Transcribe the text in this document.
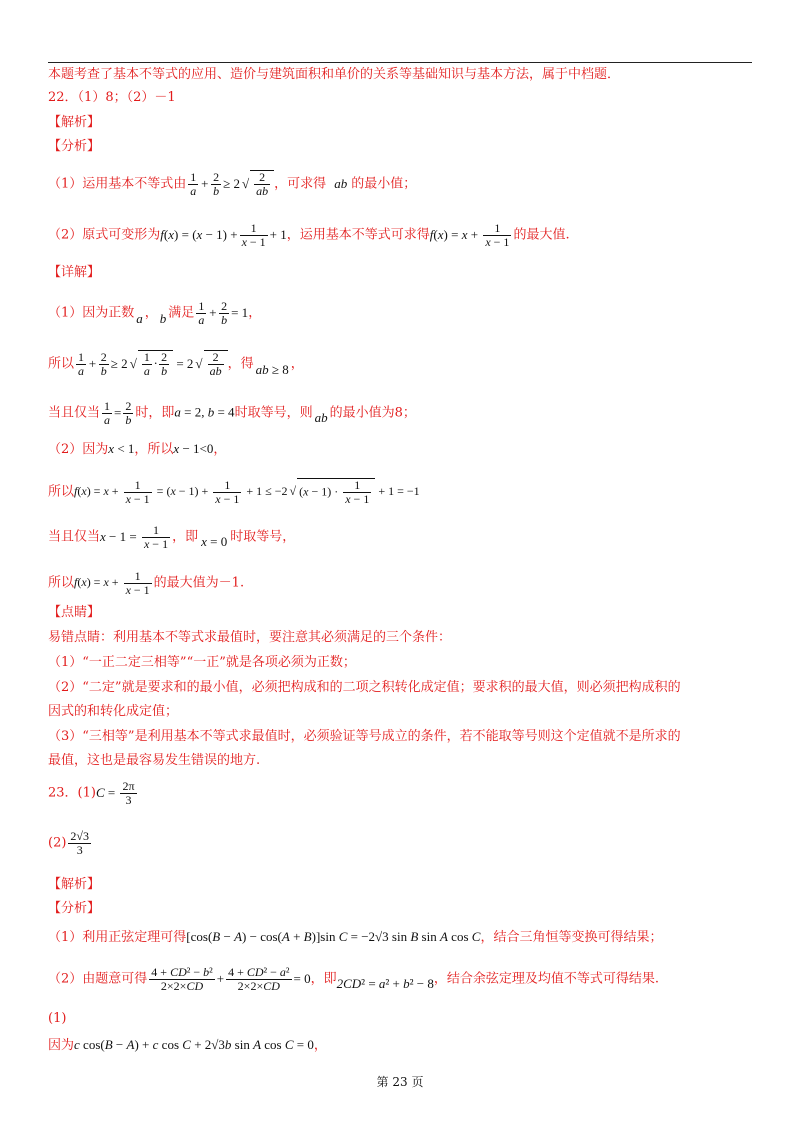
本题考查了基本不等式的应用、造价与建筑面积和单价的关系等基础知识与基本方法，属于中档题．
22．（1）8；（2）－1
【解析】
【分析】
（1）运用基本不等式由 $\frac{1}{a} + \frac{2}{b} \ge 2$ √ $\frac{2}{ab}$ ，可求得 ab 的最小值；
（2）原式可变形为$f(x) = (x - 1) + \frac{1}{x - 1} + 1$，运用基本不等式可求得$f(x) = x + \frac{1}{x - 1}$ 的最大值.
【详解】
（1）因为正数 a ， b 满足 $\frac{1}{a} + \frac{2}{b} = 1$，
所以 $\frac{1}{a} + \frac{2}{b} \ge 2$ √ $\frac{1}{a} \cdot \frac{2}{b} = 2$ √ $\frac{2}{ab}$ ，得 ab ≥ 8 ，
当且仅当 $\frac{1}{a} = \frac{2}{b}$ 时，即a = 2, b = 4时取等号，则 ab 的最小值为8；
（2）因为x < 1，所以x − 1<0，
所以$f(x) = x + \frac{1}{x - 1} = (x - 1) + \frac{1}{x - 1} + 1 \le -2$ √ $(x - 1) \cdot \frac{1}{x - 1} + 1 = -1$
当且仅当$x - 1 = \frac{1}{x - 1}$ ，即 x = 0 时取等号，
所以$f(x) = x + \frac{1}{x - 1}$ 的最大值为－1.
【点睛】
易错点睛：利用基本不等式求最值时，要注意其必须满足的三个条件：
（1）“一正二定三相等”“一正”就是各项必须为正数；
（2）“二定”就是要求和的最小值，必须把构成和的二项之积转化成定值；要求积的最大值，则必须把构成积的
因式的和转化成定值；
（3）“三相等”是利用基本不等式求最值时，必须验证等号成立的条件，若不能取等号则这个定值就不是所求的
最值，这也是最容易发生错误的地方.
23．$(1)C = \frac{2\pi}{3}$
$(2) \frac{2√3}{3}$
【解析】
【分析】
（1）利用正弦定理可得[cos(B − A) − cos(A + B)]sin C = −2√3 sin B sin A cos C，结合三角恒等变换可得结果；
（2）由题意可得 $\frac{\text{4 + CD² − b²}}{2\times 2\times CD} + \frac{\text{4 + CD² − a²}}{2\times 2\times CD} = 0$，即2CD² = a² + b² − 8，结合余弦定理及均值不等式可得结果.
(1)
因为c cos(B − A) + c cos C + 2√3b sin A cos C = 0，
第 23 页
